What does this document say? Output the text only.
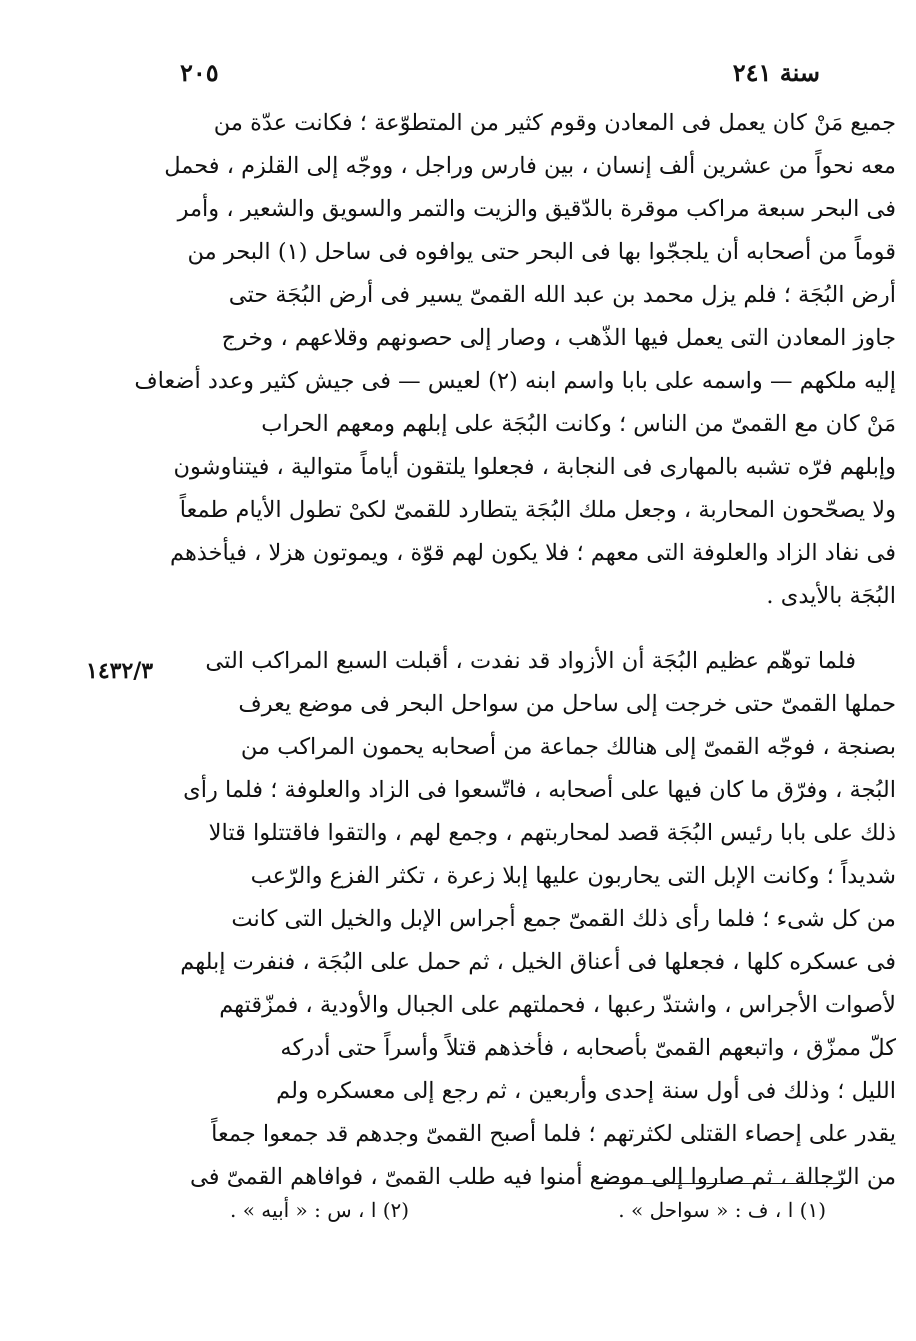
سنة ٢٤١
٢٠٥
١٤٣٢/٣
جميع مَنْ كان يعمل فى المعادن وقوم كثير من المتطوّعة ؛ فكانت عدّة من
معه نحواً من عشرين ألف إنسان ، بين فارس وراجل ، ووجّه إلى القلزم ، فحمل
فى البحر سبعة مراكب موقرة بالدّقيق والزيت والتمر والسويق والشعير ، وأمر
قوماً من أصحابه أن يلججّوا بها فى البحر حتى يوافوه فى ساحل (١) البحر من
أرض البُجَة ؛ فلم يزل محمد بن عبد الله القمىّ يسير فى أرض البُجَة حتى
جاوز المعادن التى يعمل فيها الذّهب ، وصار إلى حصونهم وقلاعهم ، وخرج
إليه ملكهم — واسمه على بابا واسم ابنه (٢) لعيس — فى جيش كثير وعدد أضعاف
مَنْ كان مع القمىّ من الناس ؛ وكانت البُجَة على إبلهم ومعهم الحراب
وإبلهم فرّه تشبه بالمهارى فى النجابة ، فجعلوا يلتقون أياماً متوالية ، فيتناوشون
ولا يصحّحون المحاربة ، وجعل ملك البُجَة يتطارد للقمىّ لكىْ تطول الأيام طمعاً
فى نفاد الزاد والعلوفة التى معهم ؛ فلا يكون لهم قوّة ، ويموتون هزلا ، فيأخذهم
البُجَة بالأيدى .
فلما توهّم عظيم البُجَة أن الأزواد قد نفدت ، أقبلت السبع المراكب التى
حملها القمىّ حتى خرجت إلى ساحل من سواحل البحر فى موضع يعرف
بصنجة ، فوجّه القمىّ إلى هنالك جماعة من أصحابه يحمون المراكب من
البُجة ، وفرّق ما كان فيها على أصحابه ، فاتّسعوا فى الزاد والعلوفة ؛ فلما رأى
ذلك على بابا رئيس البُجَة قصد لمحاربتهم ، وجمع لهم ، والتقوا فاقتتلوا قتالا
شديداً ؛ وكانت الإبل التى يحاربون عليها إبلا زعرة ، تكثر الفزع والرّعب
من كل شىء ؛ فلما رأى ذلك القمىّ جمع أجراس الإبل والخيل التى كانت
فى عسكره كلها ، فجعلها فى أعناق الخيل ، ثم حمل على البُجَة ، فنفرت إبلهم
لأصوات الأجراس ، واشتدّ رعبها ، فحملتهم على الجبال والأودية ، فمزّقتهم
كلّ ممزّق ، واتبعهم القمىّ بأصحابه ، فأخذهم قتلاً وأسراً حتى أدركه
الليل ؛ وذلك فى أول سنة إحدى وأربعين ، ثم رجع إلى معسكره ولم
يقدر على إحصاء القتلى لكثرتهم ؛ فلما أصبح القمىّ وجدهم قد جمعوا جمعاً
من الرّجالة ، ثم صاروا إلى موضع أمنوا فيه طلب القمىّ ، فوافاهم القمىّ فى
(١) ا ، ف : « سواحل » .
(٢) ا ، س : « أبيه » .
